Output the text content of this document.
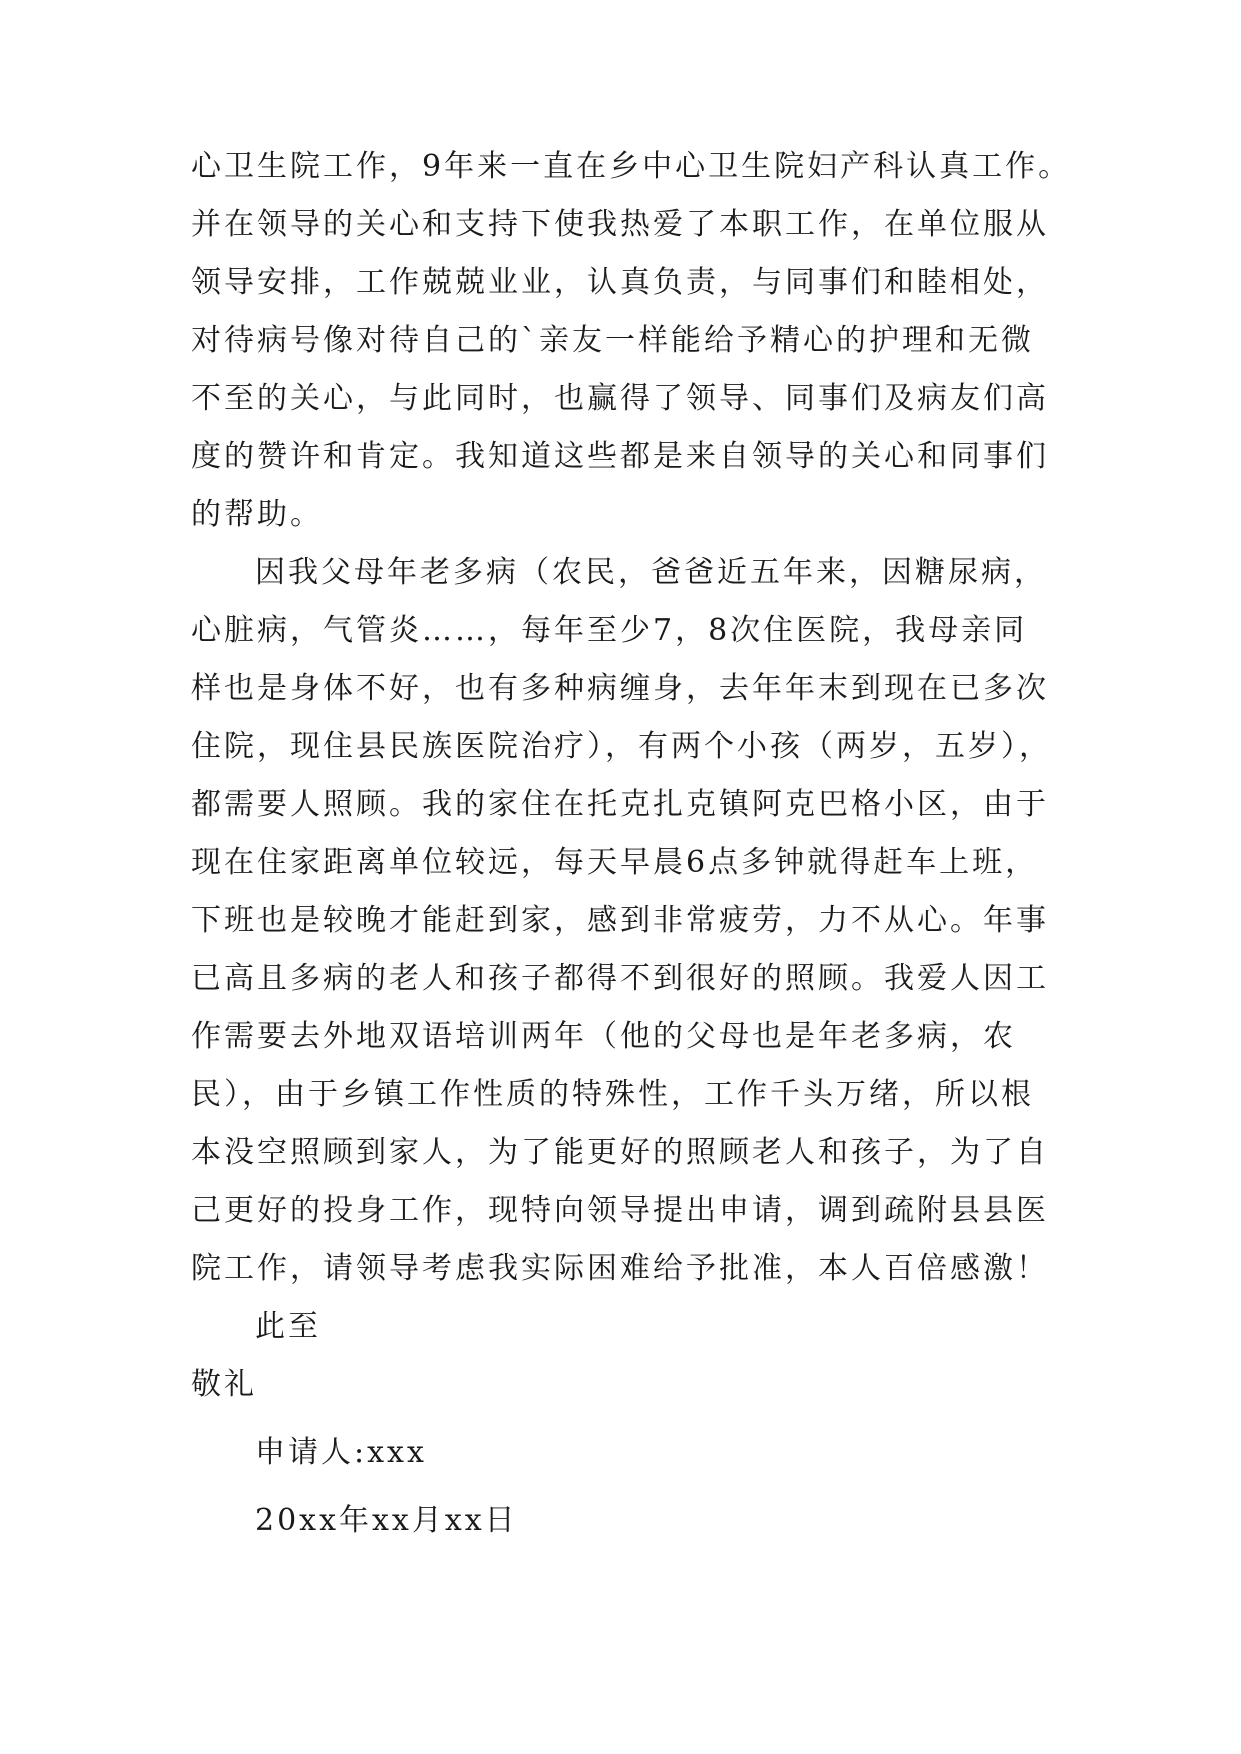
心卫生院工作，9年来一直在乡中心卫生院妇产科认真工作。
并在领导的关心和支持下使我热爱了本职工作，在单位服从
领导安排，工作兢兢业业，认真负责，与同事们和睦相处，
对待病号像对待自己的`亲友一样能给予精心的护理和无微
不至的关心，与此同时，也赢得了领导、同事们及病友们高
度的赞许和肯定。我知道这些都是来自领导的关心和同事们
的帮助。
因我父母年老多病（农民，爸爸近五年来，因糖尿病，
心脏病，气管炎……，每年至少7，8次住医院，我母亲同
样也是身体不好，也有多种病缠身，去年年末到现在已多次
住院，现住县民族医院治疗），有两个小孩（两岁，五岁），
都需要人照顾。我的家住在托克扎克镇阿克巴格小区，由于
现在住家距离单位较远，每天早晨6点多钟就得赶车上班，
下班也是较晚才能赶到家，感到非常疲劳，力不从心。年事
已高且多病的老人和孩子都得不到很好的照顾。我爱人因工
作需要去外地双语培训两年（他的父母也是年老多病，农
民），由于乡镇工作性质的特殊性，工作千头万绪，所以根
本没空照顾到家人，为了能更好的照顾老人和孩子，为了自
己更好的投身工作，现特向领导提出申请，调到疏附县县医
院工作，请领导考虑我实际困难给予批准，本人百倍感激！
此至
敬礼
申请人:xxx
20xx年xx月xx日
